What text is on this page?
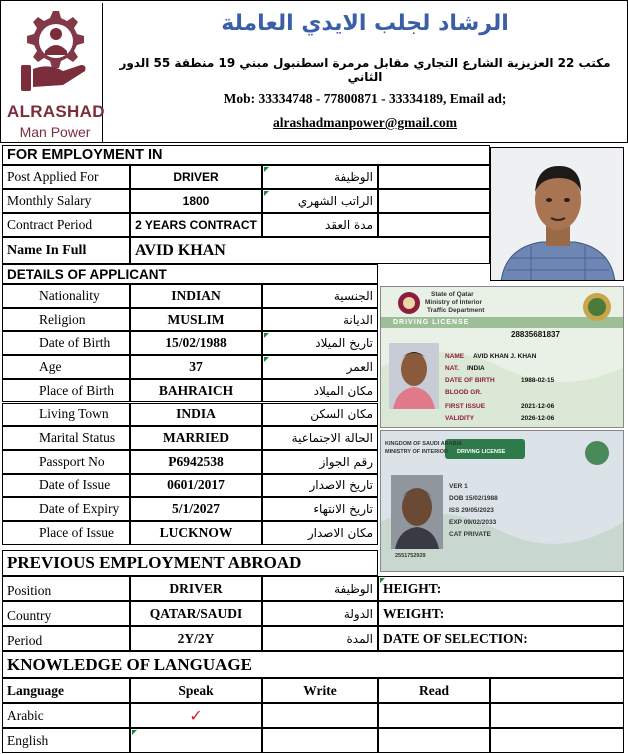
ALRASHAD
Man Power
الرشاد لجلب الايدي العاملة
مكتب 22 العزيزية الشارع التجاري مقابل مرمرة اسطنبول مبني 19 منطقة 55 الدور الثاني
Mob: 33334748 - 77800871 - 33334189, Email ad;
alrashadmanpower@gmail.com
FOR EMPLOYMENT IN
Post Applied For	DRIVER	الوظيفة
Monthly Salary	1800	الراتب الشهري
Contract Period	2 YEARS CONTRACT	مدة العقد
Name In Full	AVID KHAN
DETAILS OF APPLICANT
Nationality	INDIAN	الجنسية
Religion	MUSLIM	الديانة
Date of Birth	15/02/1988	تاريخ الميلاد
Age	37	العمر
Place of Birth	BAHRAICH	مكان الميلاد
Living Town	INDIA	مكان السكن
Marital Status	MARRIED	الحالة الاجتماعية
Passport No	P6942538	رقم الجواز
Date of Issue	0601/2017	تاريخ الاصدار
Date of Expiry	5/1/2027	تاريخ الانتهاء
Place of Issue	LUCKNOW	مكان الاصدار
State of Qatar
Ministry of Interior
Traffic Department
DRIVING LICENSE
28835681837
NAME AVID KHAN J. KHAN
NAT. INDIA
DATE OF BIRTH	1988-02-15
BLOOD GR.
FIRST ISSUE	2021-12-06
VALIDITY	2026-12-06
KINGDOM OF SAUDI ARABIA
MINISTRY OF INTERIOR DRIVING LICENSE
VER 1
DOB 15/02/1988
ISS 29/05/2023
EXP 09/02/2033
CAT PRIVATE
2551752929
PREVIOUS EMPLOYMENT ABROAD
Position	DRIVER	الوظيفة HEIGHT:
Country	QATAR/SAUDI	الدولة WEIGHT:
Period	2Y/2Y	المدة DATE OF SELECTION:
KNOWLEDGE OF LANGUAGE
Language	Speak	Write	Read
Arabic	✓
English
